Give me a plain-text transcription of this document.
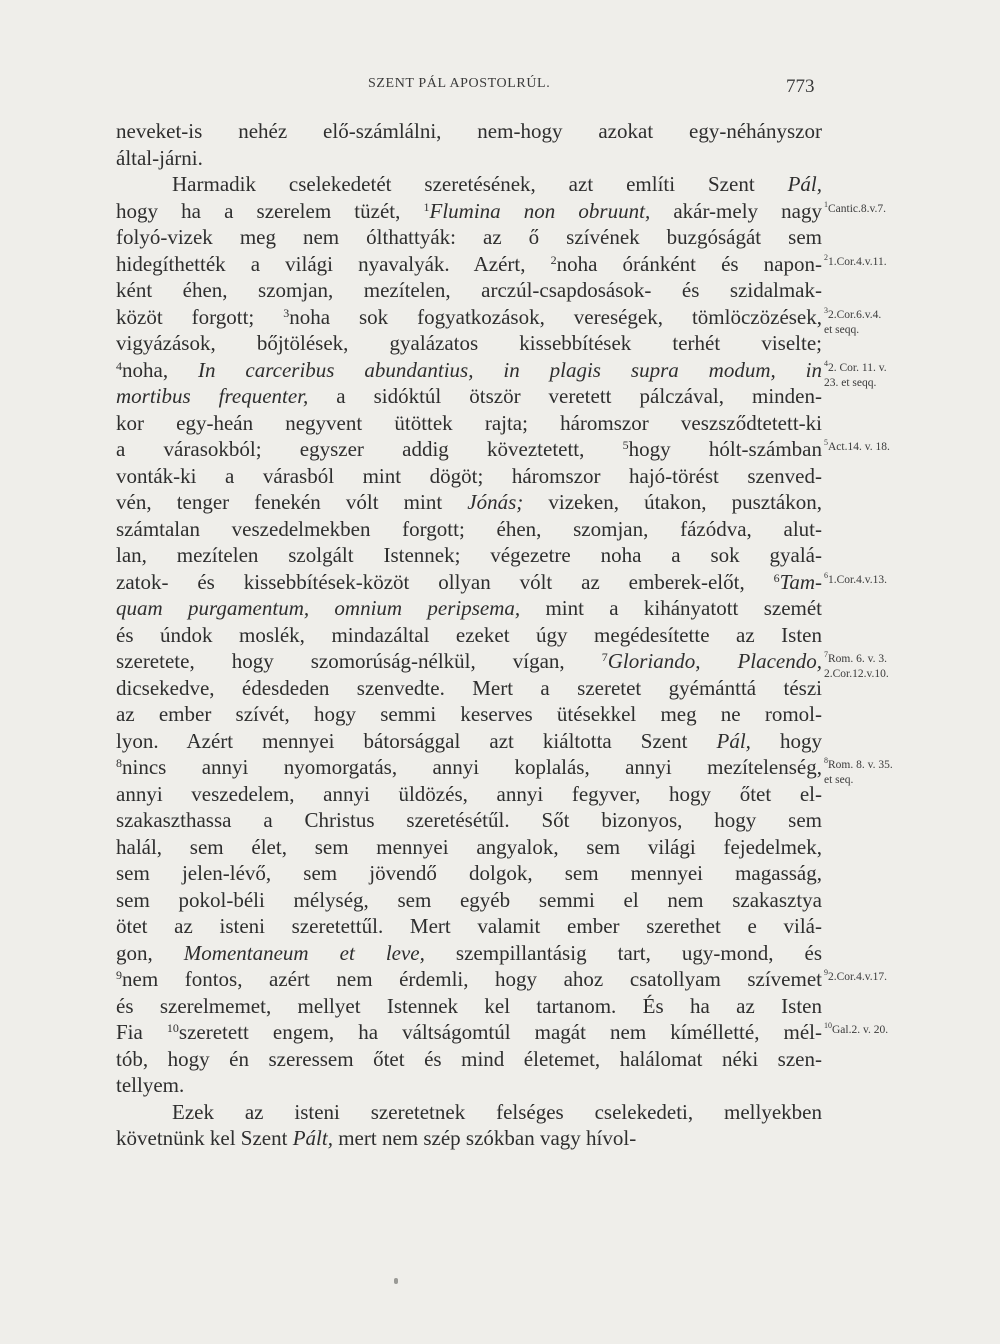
SZENT PÁL APOSTOLRÚL.	773
neveket-is nehéz elő-számlálni, nem-hogy azokat egy-néhányszor
által-járni.
Harmadik cselekedetét szeretésének, azt említi Szent Pál,
hogy ha a szerelem tüzét, $^1$Flumina non obruunt, akár-mely nagy
folyó-vizek meg nem ólthattyák: az ő szívének buzgóságát sem
hidegíthették a világi nyavalyák. Azért, $^2$noha óránként és napon-
ként éhen, szomjan, mezítelen, arczúl-csapdosások- és szidalmak-
közöt forgott; $^3$noha sok fogyatkozások, vereségek, tömlöczözések,
vigyázások, bőjtölések, gyalázatos kissebbítések terhét viselte;
$^4$noha, In carceribus abundantius, in plagis supra modum, in
mortibus frequenter, a sidóktúl ötször veretett pálczával, minden-
kor egy-heán negyvent ütöttek rajta; háromszor veszsződtetett-ki
a várasokból; egyszer addig köveztetett, $^5$hogy hólt-számban
vonták-ki a várasból mint dögöt; háromszor hajó-törést szenved-
vén, tenger fenekén vólt mint Jónás; vizeken, útakon, pusztákon,
számtalan veszedelmekben forgott; éhen, szomjan, fázódva, alut-
lan, mezítelen szolgált Istennek; végezetre noha a sok gyalá-
zatok- és kissebbítések-közöt ollyan vólt az emberek-előt, $^6$Tam-
quam purgamentum, omnium peripsema, mint a kihányatott szemét
és úndok moslék, mindazáltal ezeket úgy megédesítette az Isten
szeretete, hogy szomorúság-nélkül, vígan, $^7$Gloriando, Placendo,
dicsekedve, édesdeden szenvedte. Mert a szeretet gyémánttá tészi
az ember szívét, hogy semmi keserves ütésekkel meg ne romol-
lyon. Azért mennyei bátorsággal azt kiáltotta Szent Pál, hogy
$^8$nincs annyi nyomorgatás, annyi koplalás, annyi mezítelenség,
annyi veszedelem, annyi üldözés, annyi fegyver, hogy őtet el-
szakaszthassa a Christus szeretésétűl. Sőt bizonyos, hogy sem
halál, sem élet, sem mennyei angyalok, sem világi fejedelmek,
sem jelen-lévő, sem jövendő dolgok, sem mennyei magasság,
sem pokol-béli mélység, sem egyéb semmi el nem szakasztya
ötet az isteni szeretettűl. Mert valamit ember szerethet e vilá-
gon, Momentaneum et leve, szempillantásig tart, ugy-mond, és
$^9$nem fontos, azért nem érdemli, hogy ahoz csatollyam szívemet
és szerelmemet, mellyet Istennek kel tartanom. És ha az Isten
Fia $^{10}$szeretett engem, ha váltságomtúl magát nem kímélletté, mél-
tób, hogy én szeressem őtet és mind életemet, halálomat néki szen-
tellyem.
Ezek az isteni szeretetnek felséges cselekedeti, mellyekben
követnünk kel Szent Pált, mert nem szép szókban vagy hívol-
$^1$Cantic.8.v.7.
$^2$1.Cor.4.v.11.
$^3$2.Cor.6.v.4.
et seqq.
$^4$2. Cor. 11. v.
23. et seqq.
$^5$Act.14. v. 18.
$^6$1.Cor.4.v.13.
$^7$Rom. 6. v. 3.
2.Cor.12.v.10.
$^8$Rom. 8. v. 35.
et seq.
$^9$2.Cor.4.v.17.
$^{10}$Gal.2. v. 20.
